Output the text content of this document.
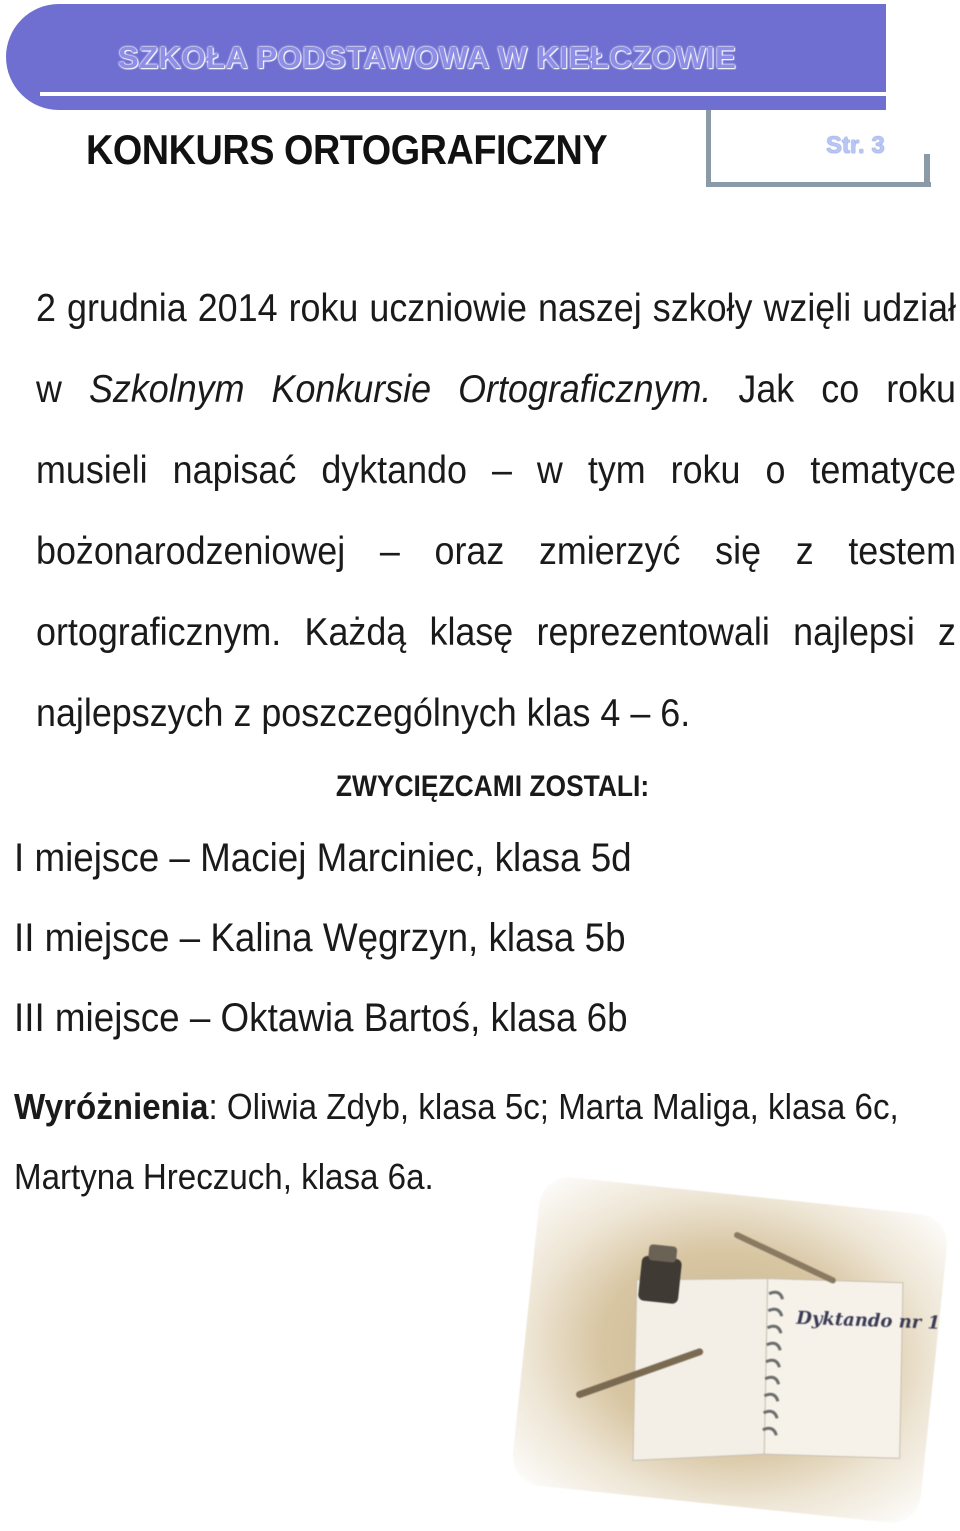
SZKOŁA PODSTAWOWA W KIEŁCZOWIE
KONKURS ORTOGRAFICZNY	Str. 3
2 grudnia 2014 roku uczniowie naszej szkoły wzięli udział w Szkolnym Konkursie Ortograficznym. Jak co roku musieli napisać dyktando – w tym roku o tematyce bożonarodzeniowej – oraz zmierzyć się z testem ortograficznym. Każdą klasę reprezentowali najlepsi z najlepszych z poszczególnych klas 4 – 6.
ZWYCIĘZCAMI ZOSTALI:
I miejsce – Maciej Marciniec, klasa 5d
II miejsce – Kalina Węgrzyn, klasa 5b
III miejsce – Oktawia Bartoś, klasa 6b
Wyróżnienia: Oliwia Zdyb, klasa 5c; Marta Maliga, klasa 6c, Martyna Hreczuch, klasa 6a.
Dyktando nr 1
